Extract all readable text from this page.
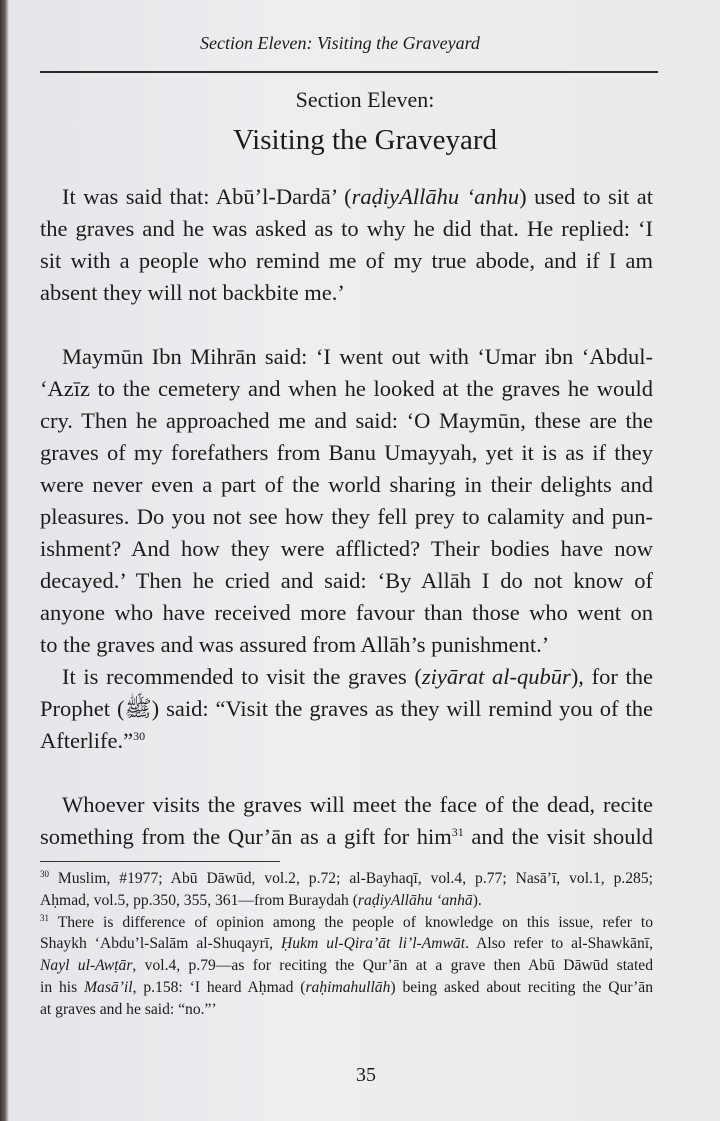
Section Eleven: Visiting the Graveyard
Section Eleven:
Visiting the Graveyard
It was said that: Abū’l-Dardā’ (raḍiyAllāhu ‘anhu) used to sit at
the graves and he was asked as to why he did that. He replied: ‘I
sit with a people who remind me of my true abode, and if I am
absent they will not backbite me.’
Maymūn Ibn Mihrān said: ‘I went out with ‘Umar ibn ‘Abdul-
‘Azīz to the cemetery and when he looked at the graves he would
cry. Then he approached me and said: ‘O Maymūn, these are the
graves of my forefathers from Banu Umayyah, yet it is as if they
were never even a part of the world sharing in their delights and
pleasures. Do you not see how they fell prey to calamity and pun-
ishment? And how they were afflicted? Their bodies have now
decayed.’ Then he cried and said: ‘By Allāh I do not know of
anyone who have received more favour than those who went on
to the graves and was assured from Allāh’s punishment.’
It is recommended to visit the graves (ziyārat al-qubūr), for the
Prophet (ﷺ) said: “Visit the graves as they will remind you of the
Afterlife.”$^{30}$
Whoever visits the graves will meet the face of the dead, recite
something from the Qur’ān as a gift for him$^{31}$ and the visit should
$^{30}$ Muslim, #1977; Abū Dāwūd, vol.2, p.72; al-Bayhaqī, vol.4, p.77; Nasā’ī, vol.1, p.285;
Aḥmad, vol.5, pp.350, 355, 361—from Buraydah (raḍiyAllāhu ‘anhā).
$^{31}$ There is difference of opinion among the people of knowledge on this issue, refer to
Shaykh ‘Abdu’l-Salām al-Shuqayrī, Ḥukm ul-Qira’āt li’l-Amwāt. Also refer to al-Shawkānī,
Nayl ul-Awṭār, vol.4, p.79—as for reciting the Qur’ān at a grave then Abū Dāwūd stated
in his Masā’il, p.158: ‘I heard Aḥmad (raḥimahullāh) being asked about reciting the Qur’ān
at graves and he said: “no.”’
35
